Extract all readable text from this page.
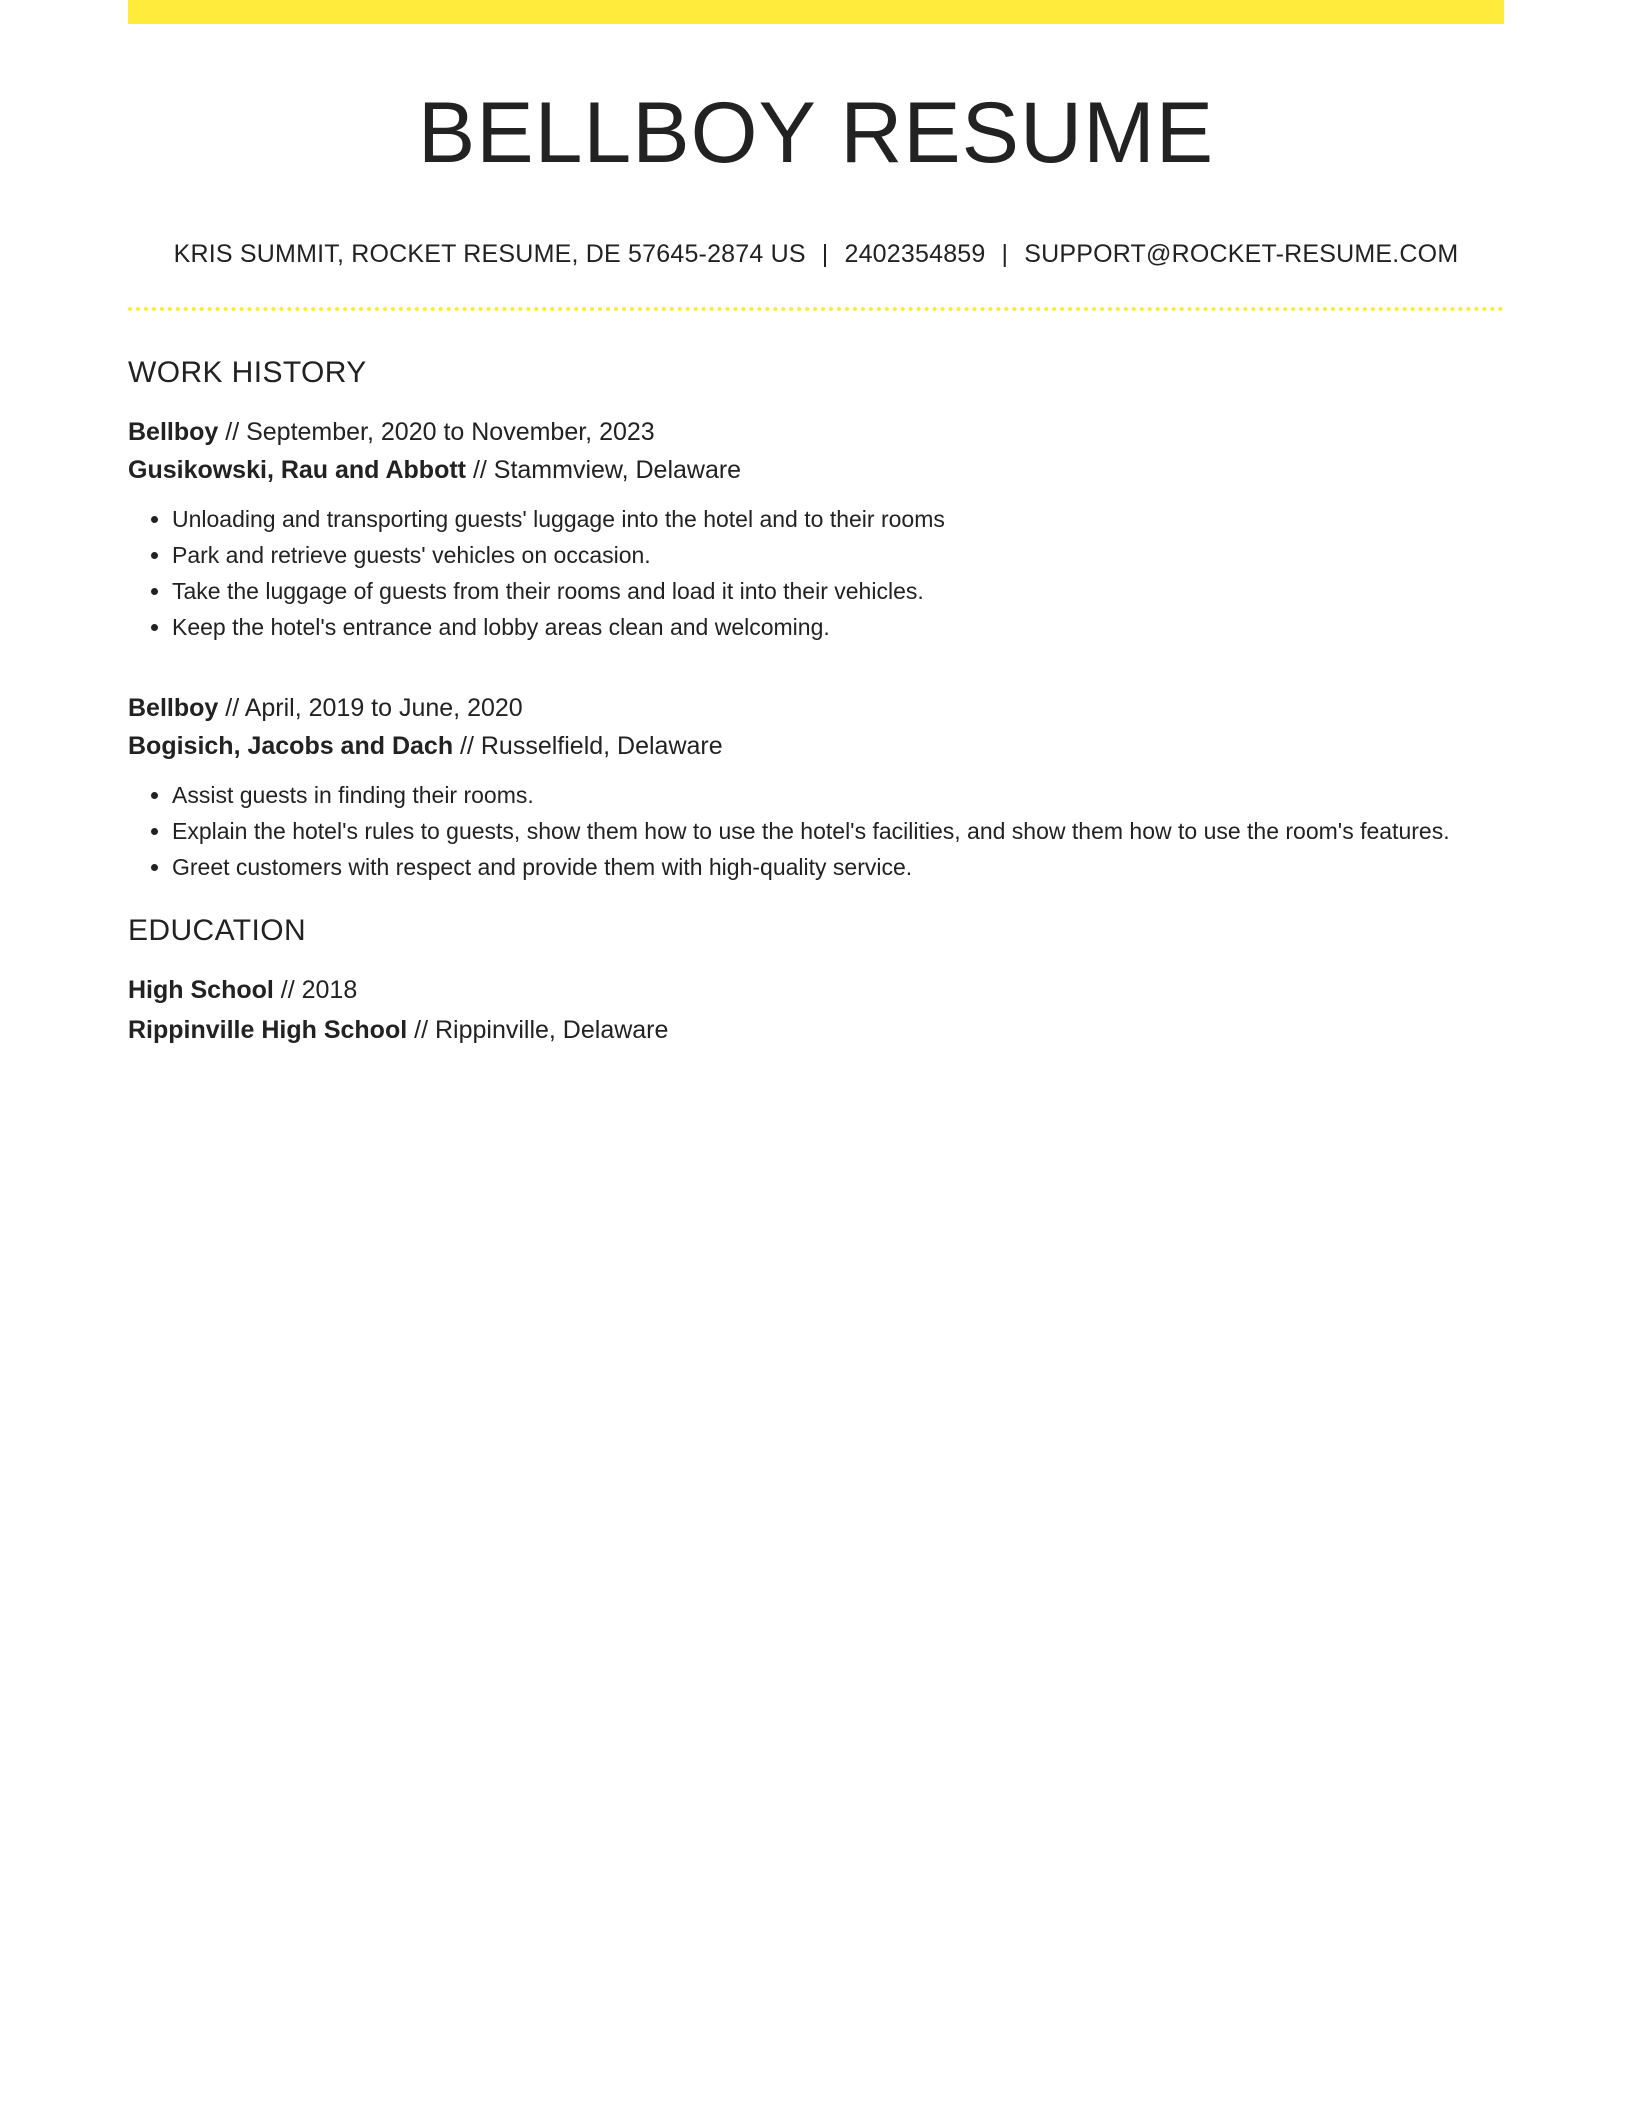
BELLBOY RESUME
KRIS SUMMIT, ROCKET RESUME, DE 57645-2874 US | 2402354859 | SUPPORT@ROCKET-RESUME.COM
WORK HISTORY
Bellboy // September, 2020 to November, 2023
Gusikowski, Rau and Abbott // Stammview, Delaware
• Unloading and transporting guests' luggage into the hotel and to their rooms
• Park and retrieve guests' vehicles on occasion.
• Take the luggage of guests from their rooms and load it into their vehicles.
• Keep the hotel's entrance and lobby areas clean and welcoming.
Bellboy // April, 2019 to June, 2020
Bogisich, Jacobs and Dach // Russelfield, Delaware
• Assist guests in finding their rooms.
• Explain the hotel's rules to guests, show them how to use the hotel's facilities, and show them how to use the room's features.
• Greet customers with respect and provide them with high-quality service.
EDUCATION
High School // 2018
Rippinville High School // Rippinville, Delaware
